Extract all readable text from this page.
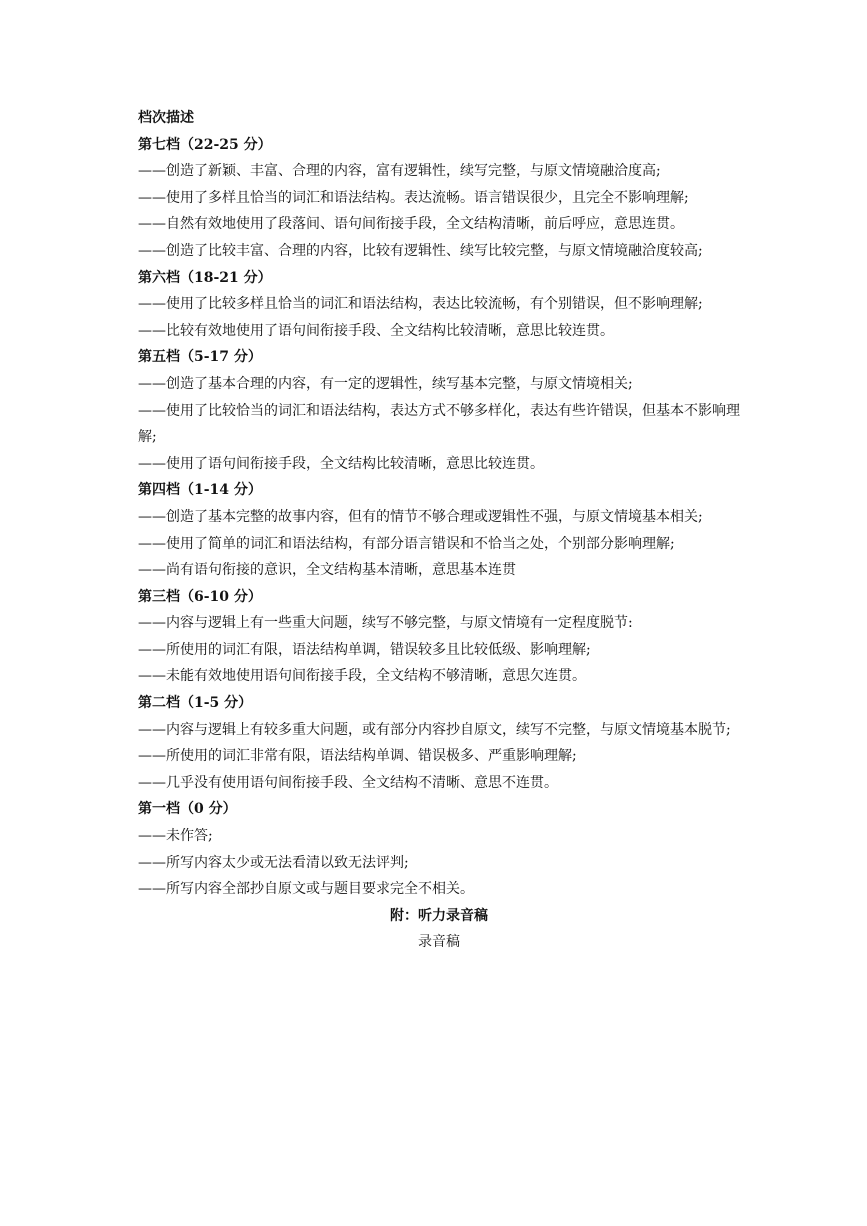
档次描述
第七档（22-25 分）
——创造了新颖、丰富、合理的内容，富有逻辑性，续写完整，与原文情境融洽度高;
——使用了多样且恰当的词汇和语法结构。表达流畅。语言错误很少，且完全不影响理解;
——自然有效地使用了段落间、语句间衔接手段，全文结构清晰，前后呼应，意思连贯。
——创造了比较丰富、合理的内容，比较有逻辑性、续写比较完整，与原文情境融洽度较高;
第六档（18-21 分）
——使用了比较多样且恰当的词汇和语法结构，表达比较流畅，有个别错误，但不影响理解;
——比较有效地使用了语句间衔接手段、全文结构比较清晰，意思比较连贯。
第五档（5-17 分）
——创造了基本合理的内容，有一定的逻辑性，续写基本完整，与原文情境相关;
——使用了比较恰当的词汇和语法结构，表达方式不够多样化，表达有些许错误，但基本不影响理解;
——使用了语句间衔接手段，全文结构比较清晰，意思比较连贯。
第四档（1-14 分）
——创造了基本完整的故事内容，但有的情节不够合理或逻辑性不强，与原文情境基本相关;
——使用了简单的词汇和语法结构，有部分语言错误和不恰当之处，个别部分影响理解;
——尚有语句衔接的意识，全文结构基本清晰，意思基本连贯
第三档（6-10 分）
——内容与逻辑上有一些重大问题，续写不够完整，与原文情境有一定程度脱节:
——所使用的词汇有限，语法结构单调，错误较多且比较低级、影响理解;
——未能有效地使用语句间衔接手段，全文结构不够清晰，意思欠连贯。
第二档（1-5 分）
——内容与逻辑上有较多重大问题，或有部分内容抄自原文，续写不完整，与原文情境基本脱节;
——所使用的词汇非常有限，语法结构单调、错误极多、严重影响理解;
——几乎没有使用语句间衔接手段、全文结构不清晰、意思不连贯。
第一档（0 分）
——未作答;
——所写内容太少或无法看清以致无法评判;
——所写内容全部抄自原文或与题目要求完全不相关。
附：听力录音稿
录音稿
